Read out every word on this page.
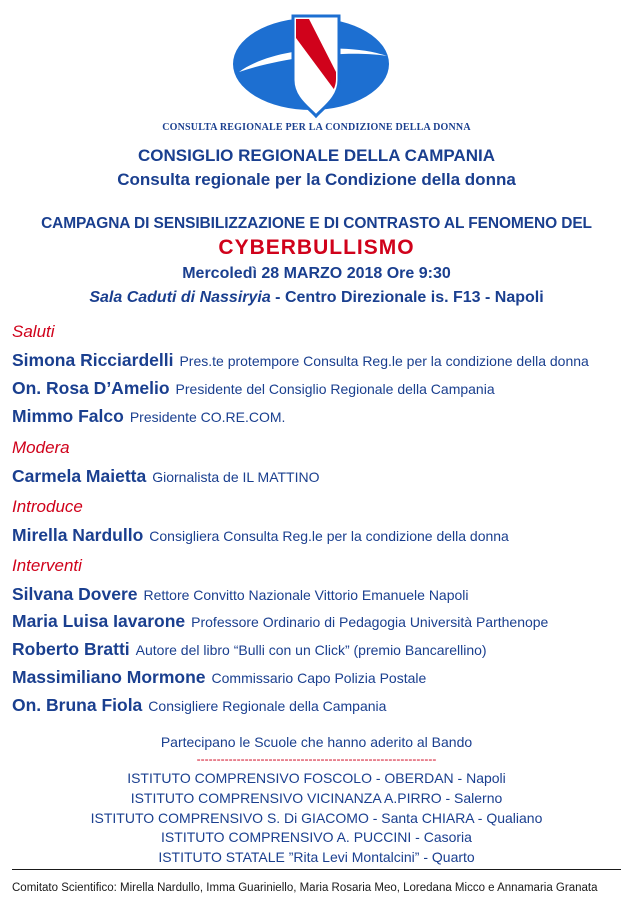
CONSULTA REGIONALE PER LA CONDIZIONE DELLA DONNA
CONSIGLIO REGIONALE DELLA CAMPANIA
Consulta regionale per la Condizione della donna
CAMPAGNA DI SENSIBILIZZAZIONE E DI CONTRASTO AL FENOMENO DEL
CYBERBULLISMO
Mercoledì 28 MARZO 2018 Ore 9:30
Sala Caduti di Nassiryia - Centro Direzionale is. F13 - Napoli
Saluti
Simona Ricciardelli Pres.te protempore Consulta Reg.le per la condizione della donna
On. Rosa D’Amelio Presidente del Consiglio Regionale della Campania
Mimmo Falco Presidente CO.RE.COM.
Modera
Carmela Maietta Giornalista de IL MATTINO
Introduce
Mirella Nardullo Consigliera Consulta Reg.le per la condizione della donna
Interventi
Silvana Dovere Rettore Convitto Nazionale Vittorio Emanuele Napoli
Maria Luisa Iavarone Professore Ordinario di Pedagogia Università Parthenope
Roberto Bratti Autore del libro “Bulli con un Click” (premio Bancarellino)
Massimiliano Mormone Commissario Capo Polizia Postale
On. Bruna Fiola Consigliere Regionale della Campania
Partecipano le Scuole che hanno aderito al Bando
------------------------------------------------------------
ISTITUTO COMPRENSIVO FOSCOLO - OBERDAN - Napoli
ISTITUTO COMPRENSIVO VICINANZA A.PIRRO - Salerno
ISTITUTO COMPRENSIVO S. Di GIACOMO - Santa CHIARA - Qualiano
ISTITUTO COMPRENSIVO A. PUCCINI - Casoria
ISTITUTO STATALE ”Rita Levi Montalcini” - Quarto
Comitato Scientifico: Mirella Nardullo, Imma Guariniello, Maria Rosaria Meo, Loredana Micco e Annamaria Granata
